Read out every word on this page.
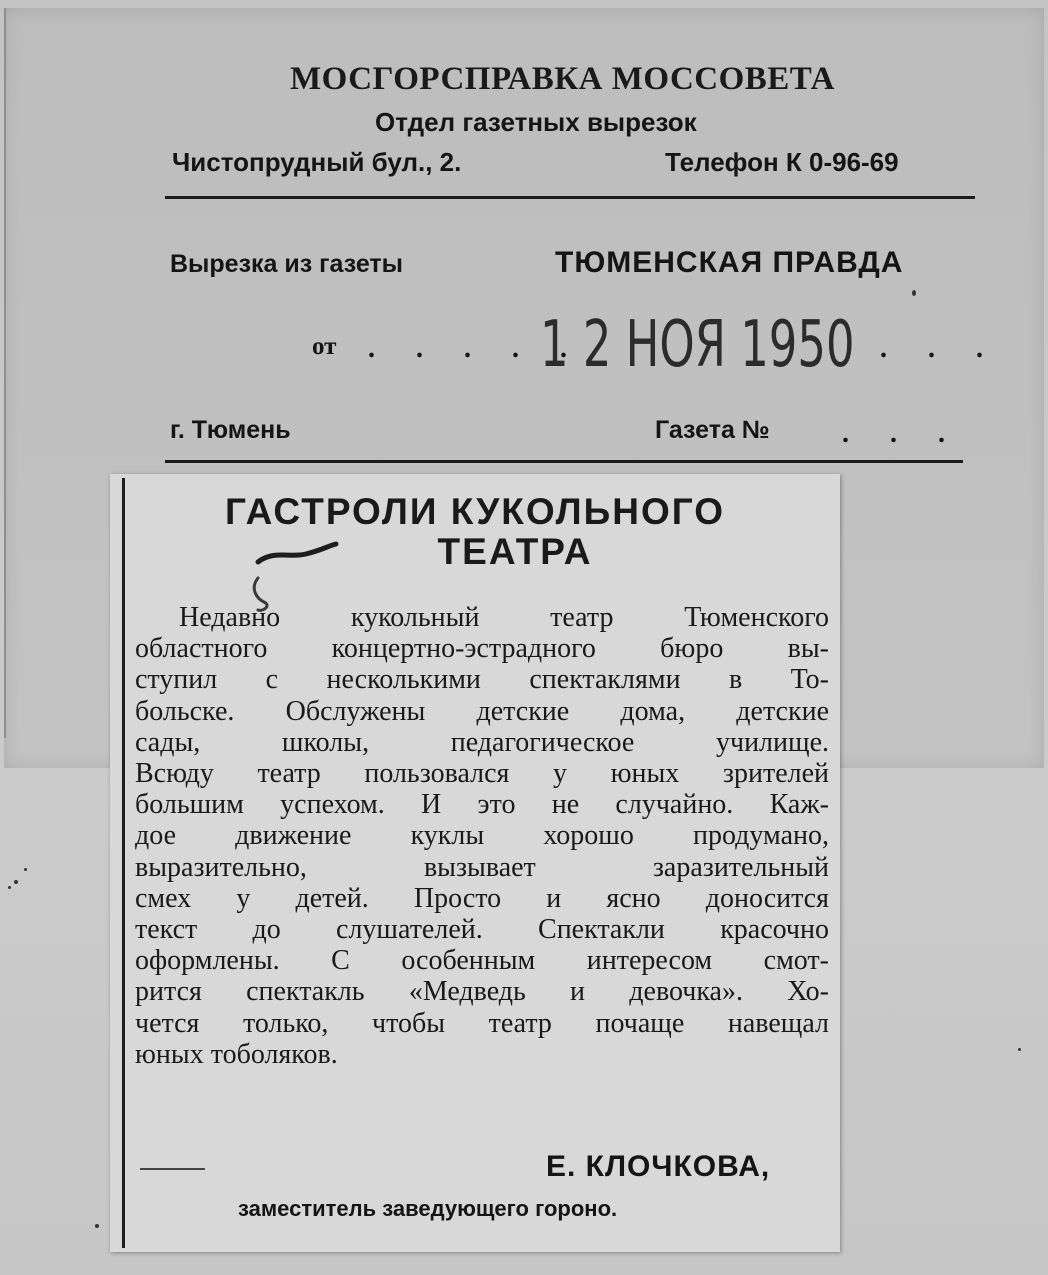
МОСГОРСПРАВКА МОССОВЕТА
Отдел газетных вырезок
Чистопрудный бул., 2.	Телефон К 0-96-69
Вырезка из газеты	ТЮМЕНСКАЯ ПРАВДА
от . . . . .
1 2 НОЯ 1950 . . .
г. Тюмень	Газета №	. . .
ГАСТРОЛИ КУКОЛЬНОГО
ТЕАТРА
Недавно кукольный театр Тюменского
областного концертно-эстрадного бюро вы-
ступил с несколькими спектаклями в То-
больске. Обслужены детские дома, детские
сады, школы, педагогическое училище.
Всюду театр пользовался у юных зрителей
большим успехом. И это не случайно. Каж-
дое движение куклы хорошо продумано,
выразительно, вызывает заразительный
смех у детей. Просто и ясно доносится
текст до слушателей. Спектакли красочно
оформлены. С особенным интересом смот-
рится спектакль «Медведь и девочка». Хо-
чется только, чтобы театр почаще навещал
юных тоболяков.
Е. КЛОЧКОВА,
заместитель заведующего гороно.
